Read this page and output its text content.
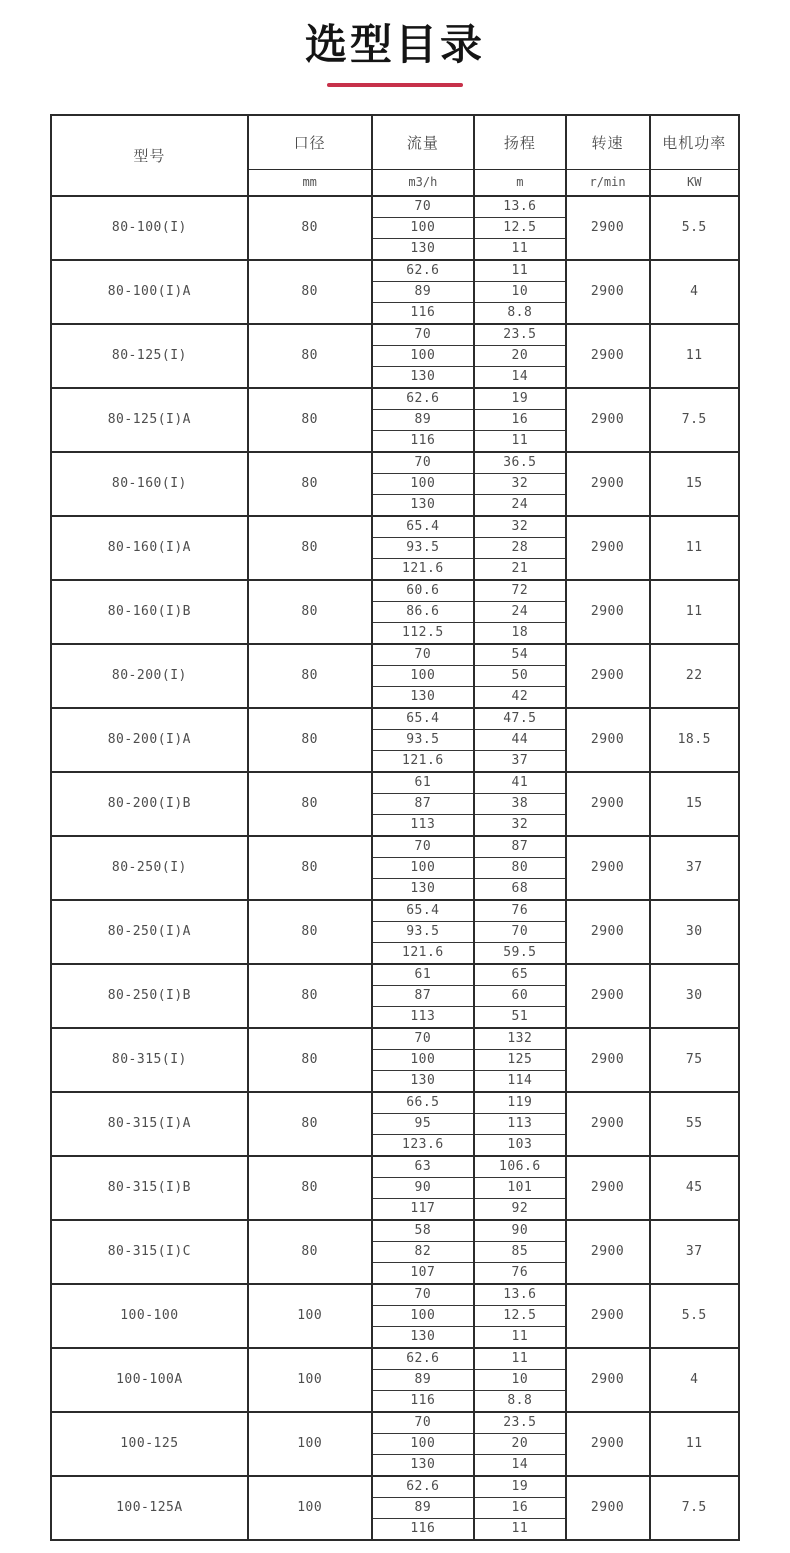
选型目录
型号	口径	流量	扬程	转速	电机功率
	mm	m3/h	m	r/min	KW
80-100(I)	80	70	13.6	2900	5.5
		100	12.5		
		130	11		
80-100(I)A	80	62.6	11	2900	4
		89	10		
		116	8.8		
80-125(I)	80	70	23.5	2900	11
		100	20		
		130	14		
80-125(I)A	80	62.6	19	2900	7.5
		89	16		
		116	11		
80-160(I)	80	70	36.5	2900	15
		100	32		
		130	24		
80-160(I)A	80	65.4	32	2900	11
		93.5	28		
		121.6	21		
80-160(I)B	80	60.6	72	2900	11
		86.6	24		
		112.5	18		
80-200(I)	80	70	54	2900	22
		100	50		
		130	42		
80-200(I)A	80	65.4	47.5	2900	18.5
		93.5	44		
		121.6	37		
80-200(I)B	80	61	41	2900	15
		87	38		
		113	32		
80-250(I)	80	70	87	2900	37
		100	80		
		130	68		
80-250(I)A	80	65.4	76	2900	30
		93.5	70		
		121.6	59.5		
80-250(I)B	80	61	65	2900	30
		87	60		
		113	51		
80-315(I)	80	70	132	2900	75
		100	125		
		130	114		
80-315(I)A	80	66.5	119	2900	55
		95	113		
		123.6	103		
80-315(I)B	80	63	106.6	2900	45
		90	101		
		117	92		
80-315(I)C	80	58	90	2900	37
		82	85		
		107	76		
100-100	100	70	13.6	2900	5.5
		100	12.5		
		130	11		
100-100A	100	62.6	11	2900	4
		89	10		
		116	8.8		
100-125	100	70	23.5	2900	11
		100	20		
		130	14		
100-125A	100	62.6	19	2900	7.5
		89	16		
		116	11		
